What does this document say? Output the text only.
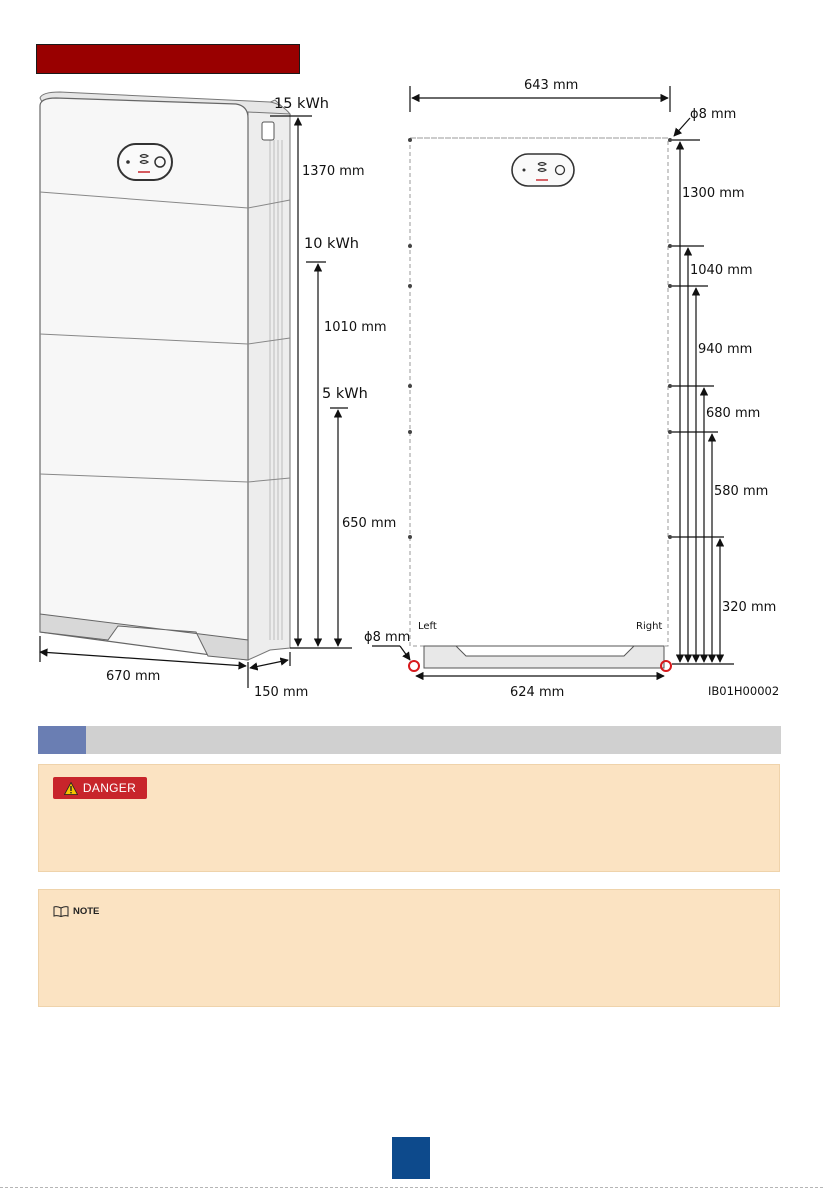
15 kWh
1370 mm
10 kWh
1010 mm
5 kWh
650 mm
670 mm
150 mm
643 mm
ϕ8 mm
1300 mm
1040 mm
940 mm
680 mm
580 mm
320 mm
Left	Right
ϕ8 mm
624 mm	IB01H00002
DANGER
NOTE
